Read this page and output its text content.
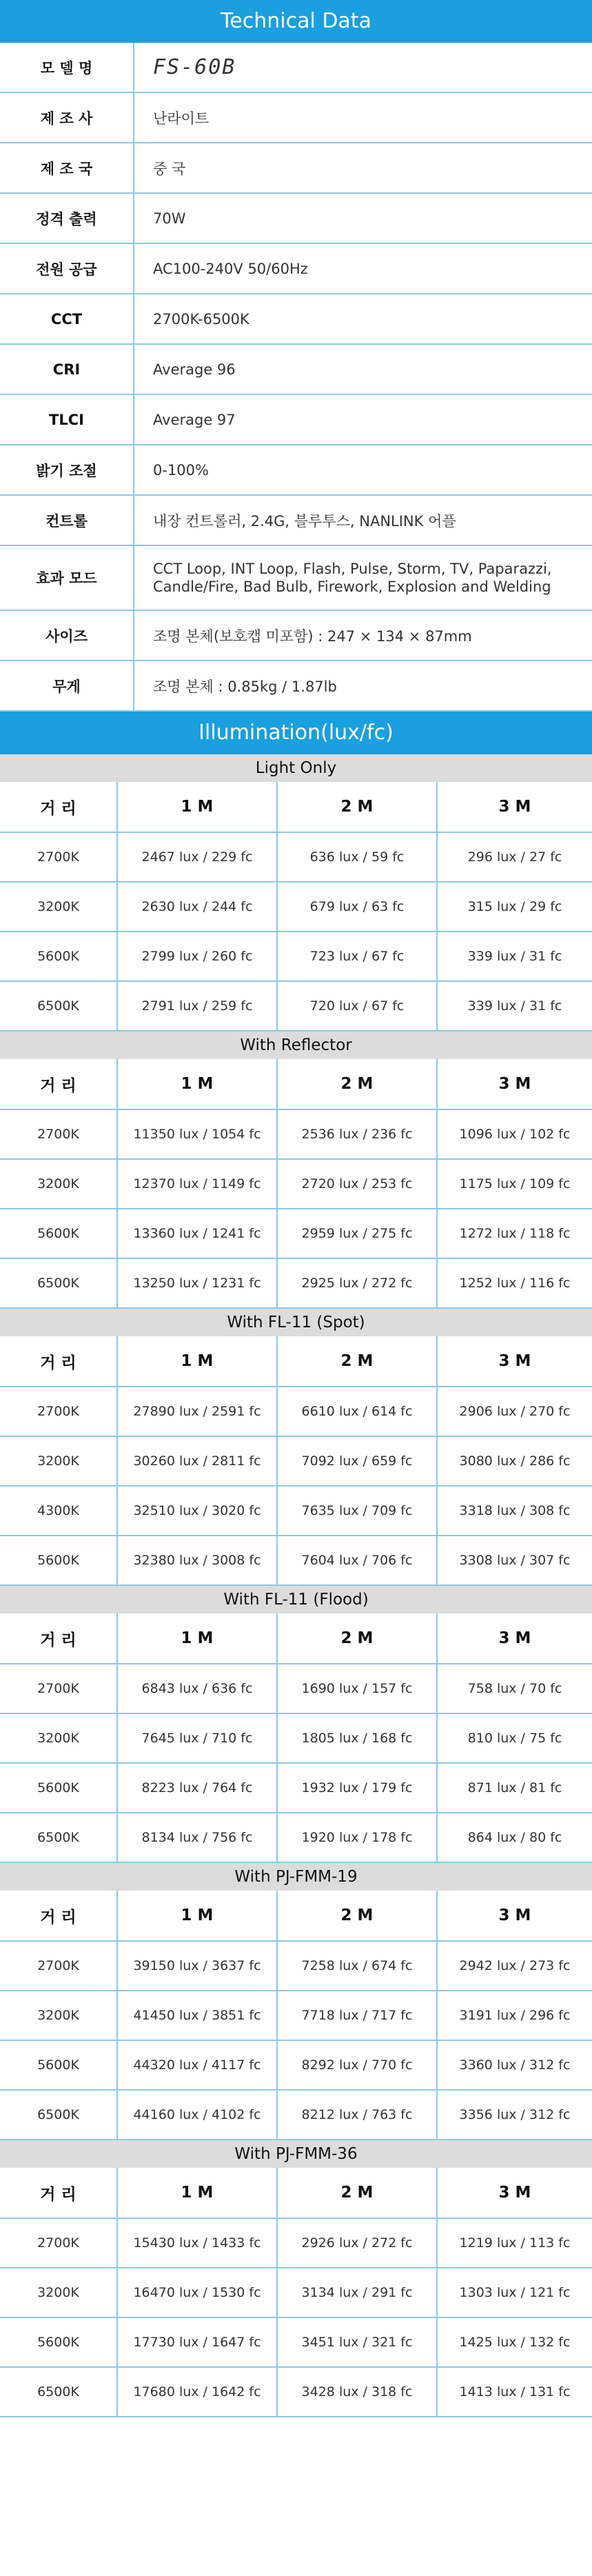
Technical Data
모 델 명	FS-60B
제 조 사	난라이트
제 조 국	중 국
정격 출력	70W
전원 공급	AC100-240V 50/60Hz
CCT	2700K-6500K
CRI	Average 96
TLCI	Average 97
밝기 조절	0-100%
컨트롤	내장 컨트롤러, 2.4G, 블루투스, NANLINK 어플
효과 모드	CCT Loop, INT Loop, Flash, Pulse, Storm, TV, Paparazzi, Candle/Fire, Bad Bulb, Firework, Explosion and Welding
사이즈	조명 본체(보호캡 미포함) : 247 × 134 × 87mm
무게	조명 본체 : 0.85kg / 1.87lb
Illumination(lux/fc)
Light Only
거 리	1 M	2 M	3 M
2700K	2467 lux / 229 fc	636 lux / 59 fc	296 lux / 27 fc
3200K	2630 lux / 244 fc	679 lux / 63 fc	315 lux / 29 fc
5600K	2799 lux / 260 fc	723 lux / 67 fc	339 lux / 31 fc
6500K	2791 lux / 259 fc	720 lux / 67 fc	339 lux / 31 fc
With Reflector
거 리	1 M	2 M	3 M
2700K	11350 lux / 1054 fc	2536 lux / 236 fc	1096 lux / 102 fc
3200K	12370 lux / 1149 fc	2720 lux / 253 fc	1175 lux / 109 fc
5600K	13360 lux / 1241 fc	2959 lux / 275 fc	1272 lux / 118 fc
6500K	13250 lux / 1231 fc	2925 lux / 272 fc	1252 lux / 116 fc
With FL-11 (Spot)
거 리	1 M	2 M	3 M
2700K	27890 lux / 2591 fc	6610 lux / 614 fc	2906 lux / 270 fc
3200K	30260 lux / 2811 fc	7092 lux / 659 fc	3080 lux / 286 fc
4300K	32510 lux / 3020 fc	7635 lux / 709 fc	3318 lux / 308 fc
5600K	32380 lux / 3008 fc	7604 lux / 706 fc	3308 lux / 307 fc
With FL-11 (Flood)
거 리	1 M	2 M	3 M
2700K	6843 lux / 636 fc	1690 lux / 157 fc	758 lux / 70 fc
3200K	7645 lux / 710 fc	1805 lux / 168 fc	810 lux / 75 fc
5600K	8223 lux / 764 fc	1932 lux / 179 fc	871 lux / 81 fc
6500K	8134 lux / 756 fc	1920 lux / 178 fc	864 lux / 80 fc
With PJ-FMM-19
거 리	1 M	2 M	3 M
2700K	39150 lux / 3637 fc	7258 lux / 674 fc	2942 lux / 273 fc
3200K	41450 lux / 3851 fc	7718 lux / 717 fc	3191 lux / 296 fc
5600K	44320 lux / 4117 fc	8292 lux / 770 fc	3360 lux / 312 fc
6500K	44160 lux / 4102 fc	8212 lux / 763 fc	3356 lux / 312 fc
With PJ-FMM-36
거 리	1 M	2 M	3 M
2700K	15430 lux / 1433 fc	2926 lux / 272 fc	1219 lux / 113 fc
3200K	16470 lux / 1530 fc	3134 lux / 291 fc	1303 lux / 121 fc
5600K	17730 lux / 1647 fc	3451 lux / 321 fc	1425 lux / 132 fc
6500K	17680 lux / 1642 fc	3428 lux / 318 fc	1413 lux / 131 fc
